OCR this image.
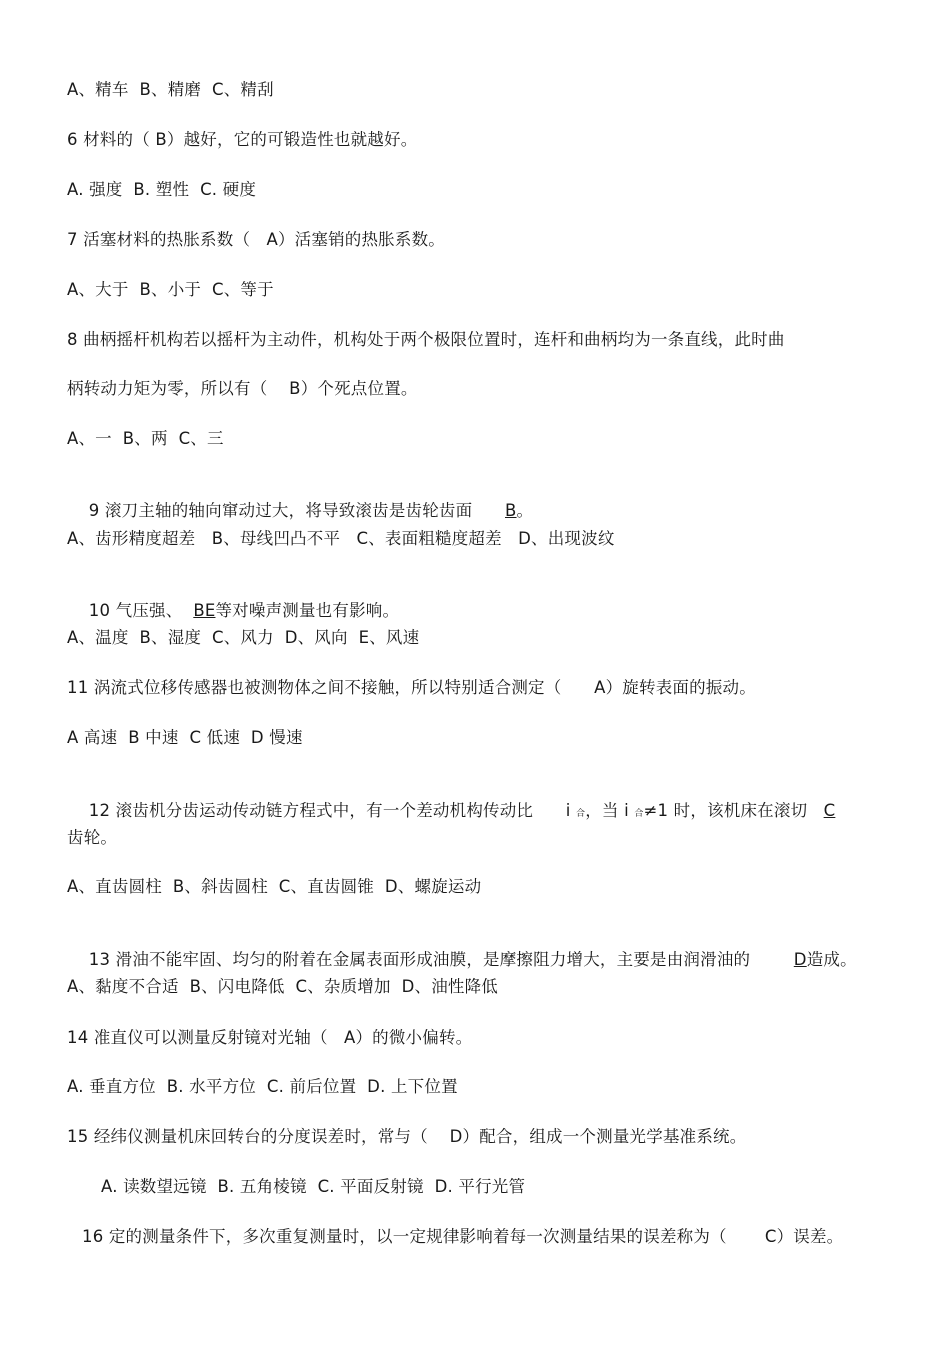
A、精车  B、精磨  C、精刮
6 材料的（ B）越好，它的可锻造性也就越好。
A. 强度  B. 塑性  C. 硬度
7 活塞材料的热胀系数（   A）活塞销的热胀系数。
A、大于  B、小于  C、等于
8 曲柄摇杆机构若以摇杆为主动件，机构处于两个极限位置时，连杆和曲柄均为一条直线，此时曲
柄转动力矩为零，所以有（    B）个死点位置。
A、一  B、两  C、三

9 滚刀主轴的轴向窜动过大，将导致滚齿是齿轮齿面      B。

10 气压强、  BE等对噪声测量也有影响。

A、齿形精度超差   B、母线凹凸不平   C、表面粗糙度超差   D、出现波纹
A、温度  B、湿度  C、风力  D、风向  E、风速
11 涡流式位移传感器也被测物体之间不接触，所以特别适合测定（      A）旋转表面的振动。
A 高速  B 中速  C 低速  D 慢速

12 滚齿机分齿运动传动链方程式中，有一个差动机构传动比      i 合，当 i 合≠1 时，该机床在滚切   C

齿轮。
A、直齿圆柱  B、斜齿圆柱  C、直齿圆锥  D、螺旋运动

13 滑油不能牢固、均匀的附着在金属表面形成油膜，是摩擦阻力增大，主要是由润滑油的        D造成。

A、黏度不合适  B、闪电降低  C、杂质增加  D、油性降低
14 准直仪可以测量反射镜对光轴（   A）的微小偏转。
A. 垂直方位  B. 水平方位  C. 前后位置  D. 上下位置
15 经纬仪测量机床回转台的分度误差时，常与（    D）配合，组成一个测量光学基准系统。
A. 读数望远镜  B. 五角棱镜  C. 平面反射镜  D. 平行光管
16 定的测量条件下，多次重复测量时，以一定规律影响着每一次测量结果的误差称为（       C）误差。
